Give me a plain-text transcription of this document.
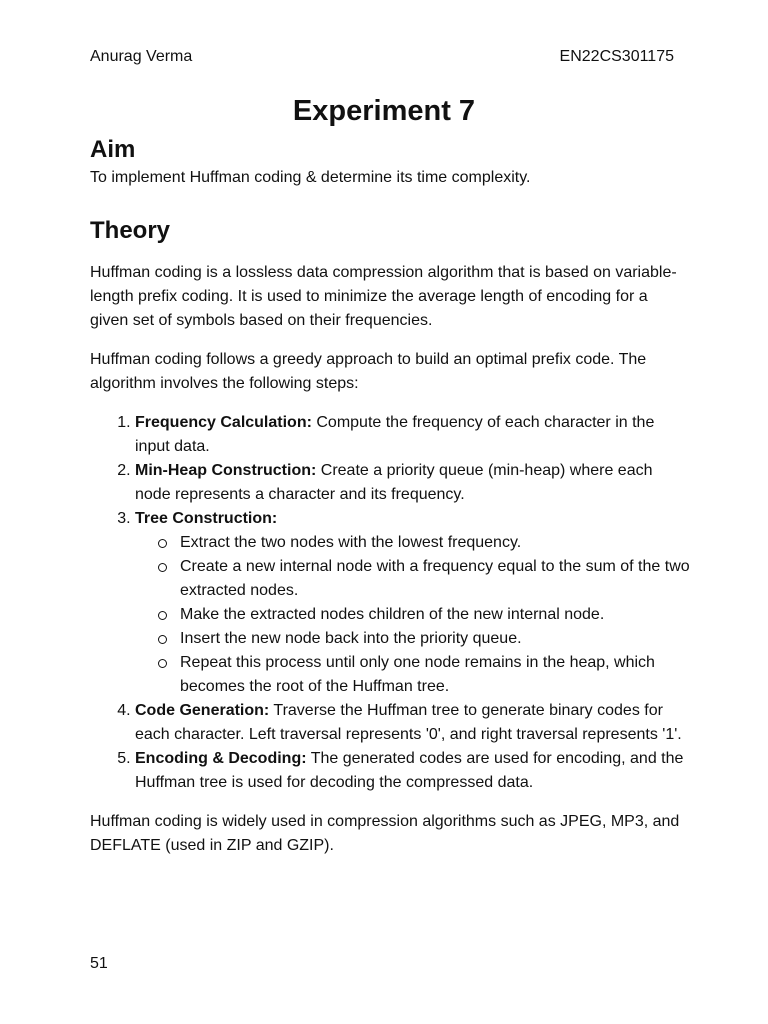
Anurag Verma	EN22CS301175
Experiment 7
Aim

To implement Huffman coding & determine its time complexity.

Theory

Huffman coding is a lossless data compression algorithm that is based on variable-length prefix coding. It is used to minimize the average length of encoding for a given set of symbols based on their frequencies.

Huffman coding follows a greedy approach to build an optimal prefix code. The algorithm involves the following steps:

1. Frequency Calculation: Compute the frequency of each character in the input data.
2. Min-Heap Construction: Create a priority queue (min-heap) where each node represents a character and its frequency.
3. Tree Construction:
Extract the two nodes with the lowest frequency.
Create a new internal node with a frequency equal to the sum of the two extracted nodes.
Make the extracted nodes children of the new internal node.
Insert the new node back into the priority queue.
Repeat this process until only one node remains in the heap, which becomes the root of the Huffman tree.
4. Code Generation: Traverse the Huffman tree to generate binary codes for each character. Left traversal represents '0', and right traversal represents '1'.
5. Encoding & Decoding: The generated codes are used for encoding, and the Huffman tree is used for decoding the compressed data.

Huffman coding is widely used in compression algorithms such as JPEG, MP3, and DEFLATE (used in ZIP and GZIP).

51
